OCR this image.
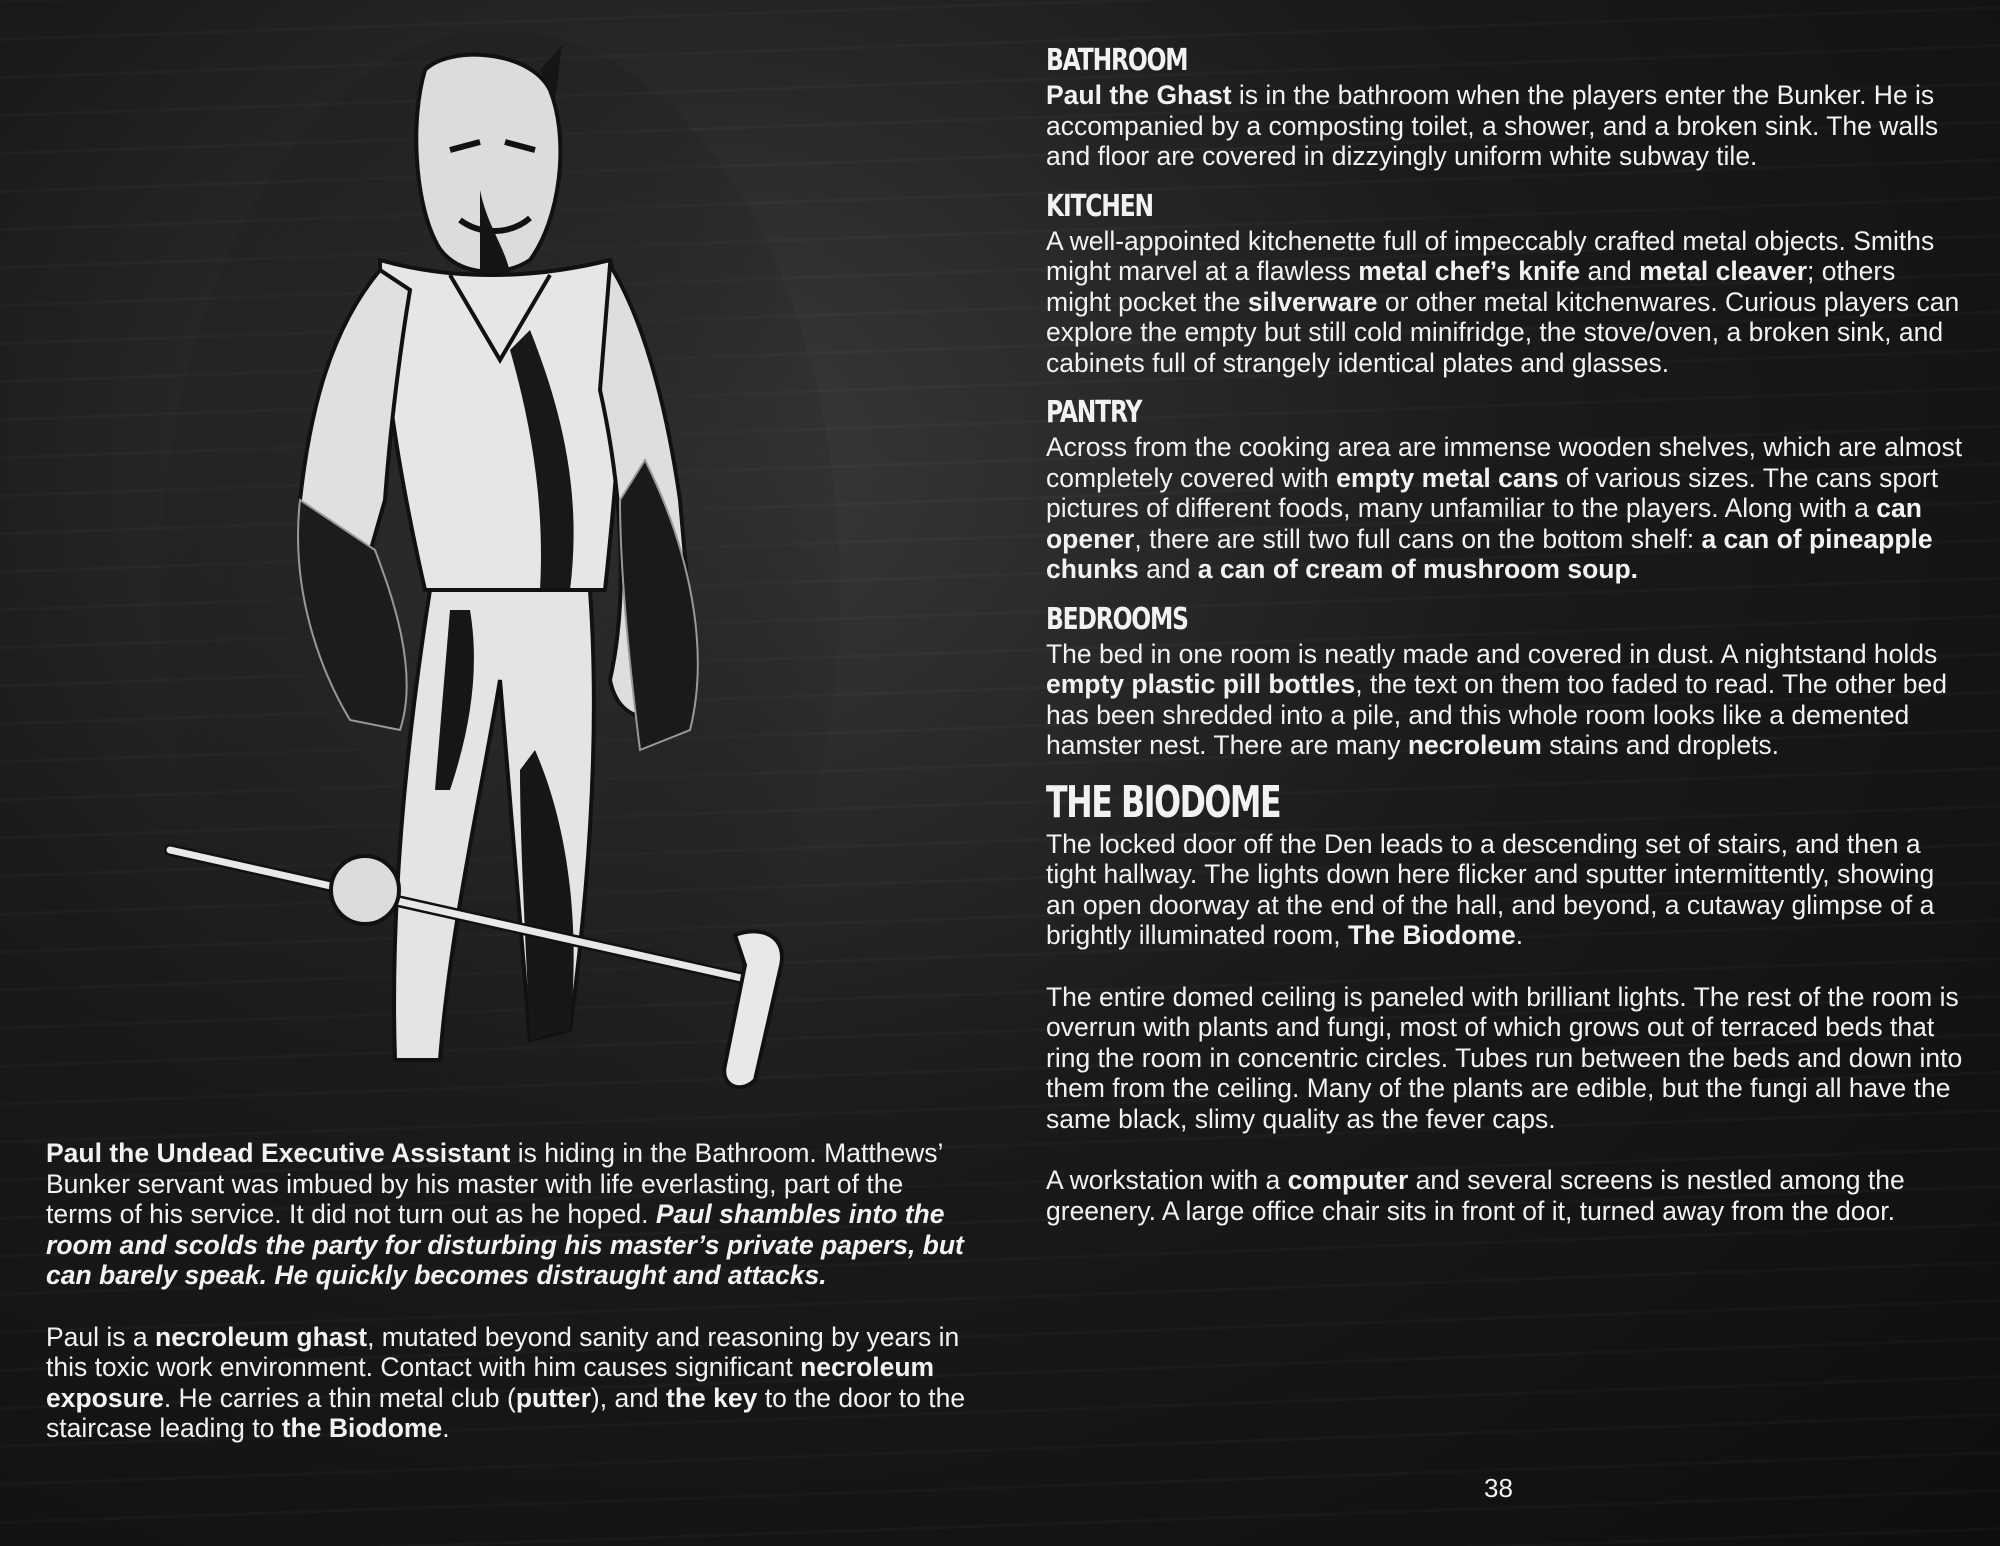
Paul the Undead Executive Assistant is hiding in the Bathroom. Matthews’ Bunker servant was imbued by his master with life everlasting, part of the terms of his service. It did not turn out as he hoped. Paul shambles into the room and scolds the party for disturbing his master’s private papers, but can barely speak. He quickly becomes distraught and attacks.

Paul is a necroleum ghast, mutated beyond sanity and reasoning by years in this toxic work environment. Contact with him causes significant necroleum exposure. He carries a thin metal club (putter), and the key to the door to the staircase leading to the Biodome.

BATHROOM

Paul the Ghast is in the bathroom when the players enter the Bunker. He is accompanied by a composting toilet, a shower, and a broken sink. The walls and floor are covered in dizzyingly uniform white subway tile.

KITCHEN

A well-appointed kitchenette full of impeccably crafted metal objects. Smiths might marvel at a flawless metal chef’s knife and metal cleaver; others might pocket the silverware or other metal kitchenwares. Curious players can explore the empty but still cold minifridge, the stove/oven, a broken sink, and cabinets full of strangely identical plates and glasses.

PANTRY

Across from the cooking area are immense wooden shelves, which are almost completely covered with empty metal cans of various sizes. The cans sport pictures of different foods, many unfamiliar to the players. Along with a can opener, there are still two full cans on the bottom shelf: a can of pineapple chunks and a can of cream of mushroom soup.

BEDROOMS

The bed in one room is neatly made and covered in dust. A nightstand holds empty plastic pill bottles, the text on them too faded to read. The other bed has been shredded into a pile, and this whole room looks like a demented hamster nest. There are many necroleum stains and droplets.

THE BIODOME

The locked door off the Den leads to a descending set of stairs, and then a tight hallway. The lights down here flicker and sputter intermittently, showing an open doorway at the end of the hall, and beyond, a cutaway glimpse of a brightly illuminated room, The Biodome.

The entire domed ceiling is paneled with brilliant lights. The rest of the room is overrun with plants and fungi, most of which grows out of terraced beds that ring the room in concentric circles. Tubes run between the beds and down into them from the ceiling. Many of the plants are edible, but the fungi all have the same black, slimy quality as the fever caps.

A workstation with a computer and several screens is nestled among the greenery. A large office chair sits in front of it, turned away from the door.

38
